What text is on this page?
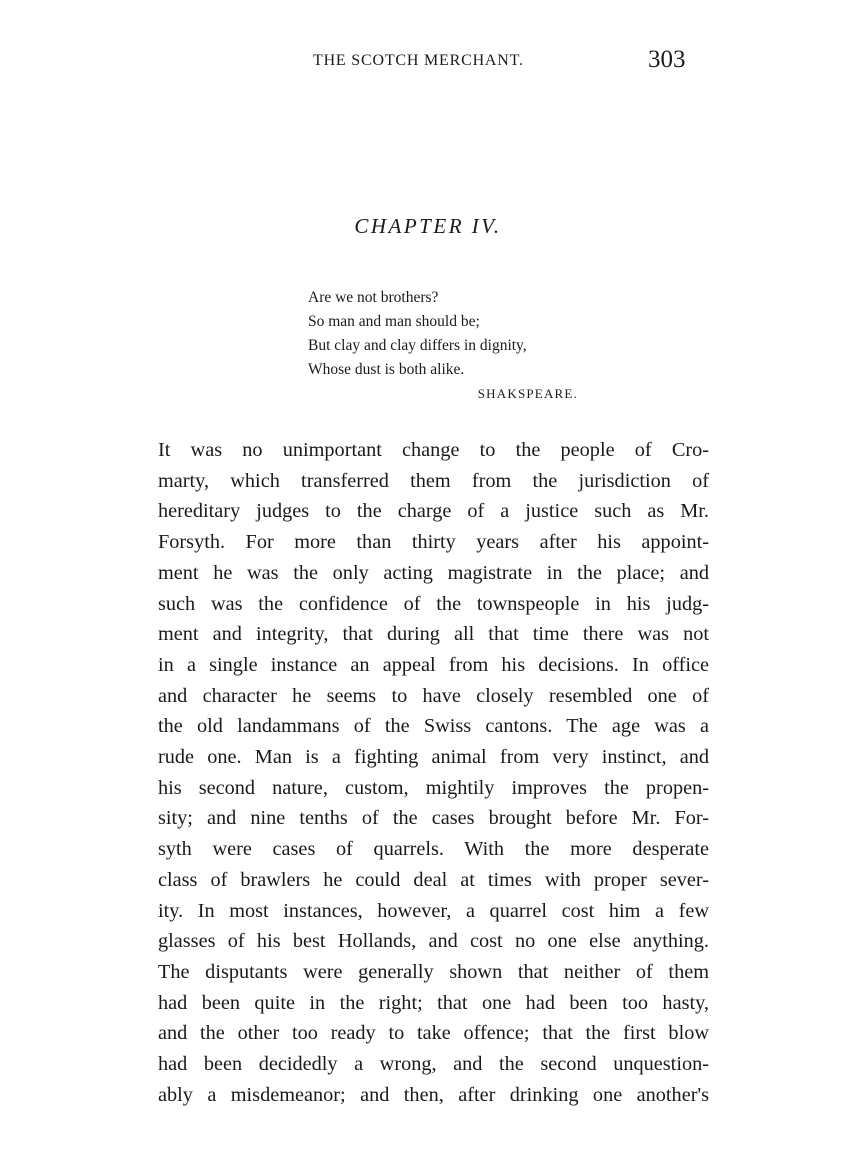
THE SCOTCH MERCHANT.	303
CHAPTER IV.
Are we not brothers?
So man and man should be;
But clay and clay differs in dignity,
Whose dust is both alike.
SHAKSPEARE.
It was no unimportant change to the people of Cro-
marty, which transferred them from the jurisdiction of
hereditary judges to the charge of a justice such as Mr.
Forsyth. For more than thirty years after his appoint-
ment he was the only acting magistrate in the place; and
such was the confidence of the townspeople in his judg-
ment and integrity, that during all that time there was not
in a single instance an appeal from his decisions. In office
and character he seems to have closely resembled one of
the old landammans of the Swiss cantons. The age was a
rude one. Man is a fighting animal from very instinct, and
his second nature, custom, mightily improves the propen-
sity; and nine tenths of the cases brought before Mr. For-
syth were cases of quarrels. With the more desperate
class of brawlers he could deal at times with proper sever-
ity. In most instances, however, a quarrel cost him a few
glasses of his best Hollands, and cost no one else anything.
The disputants were generally shown that neither of them
had been quite in the right; that one had been too hasty,
and the other too ready to take offence; that the first blow
had been decidedly a wrong, and the second unquestion-
ably a misdemeanor; and then, after drinking one another's
